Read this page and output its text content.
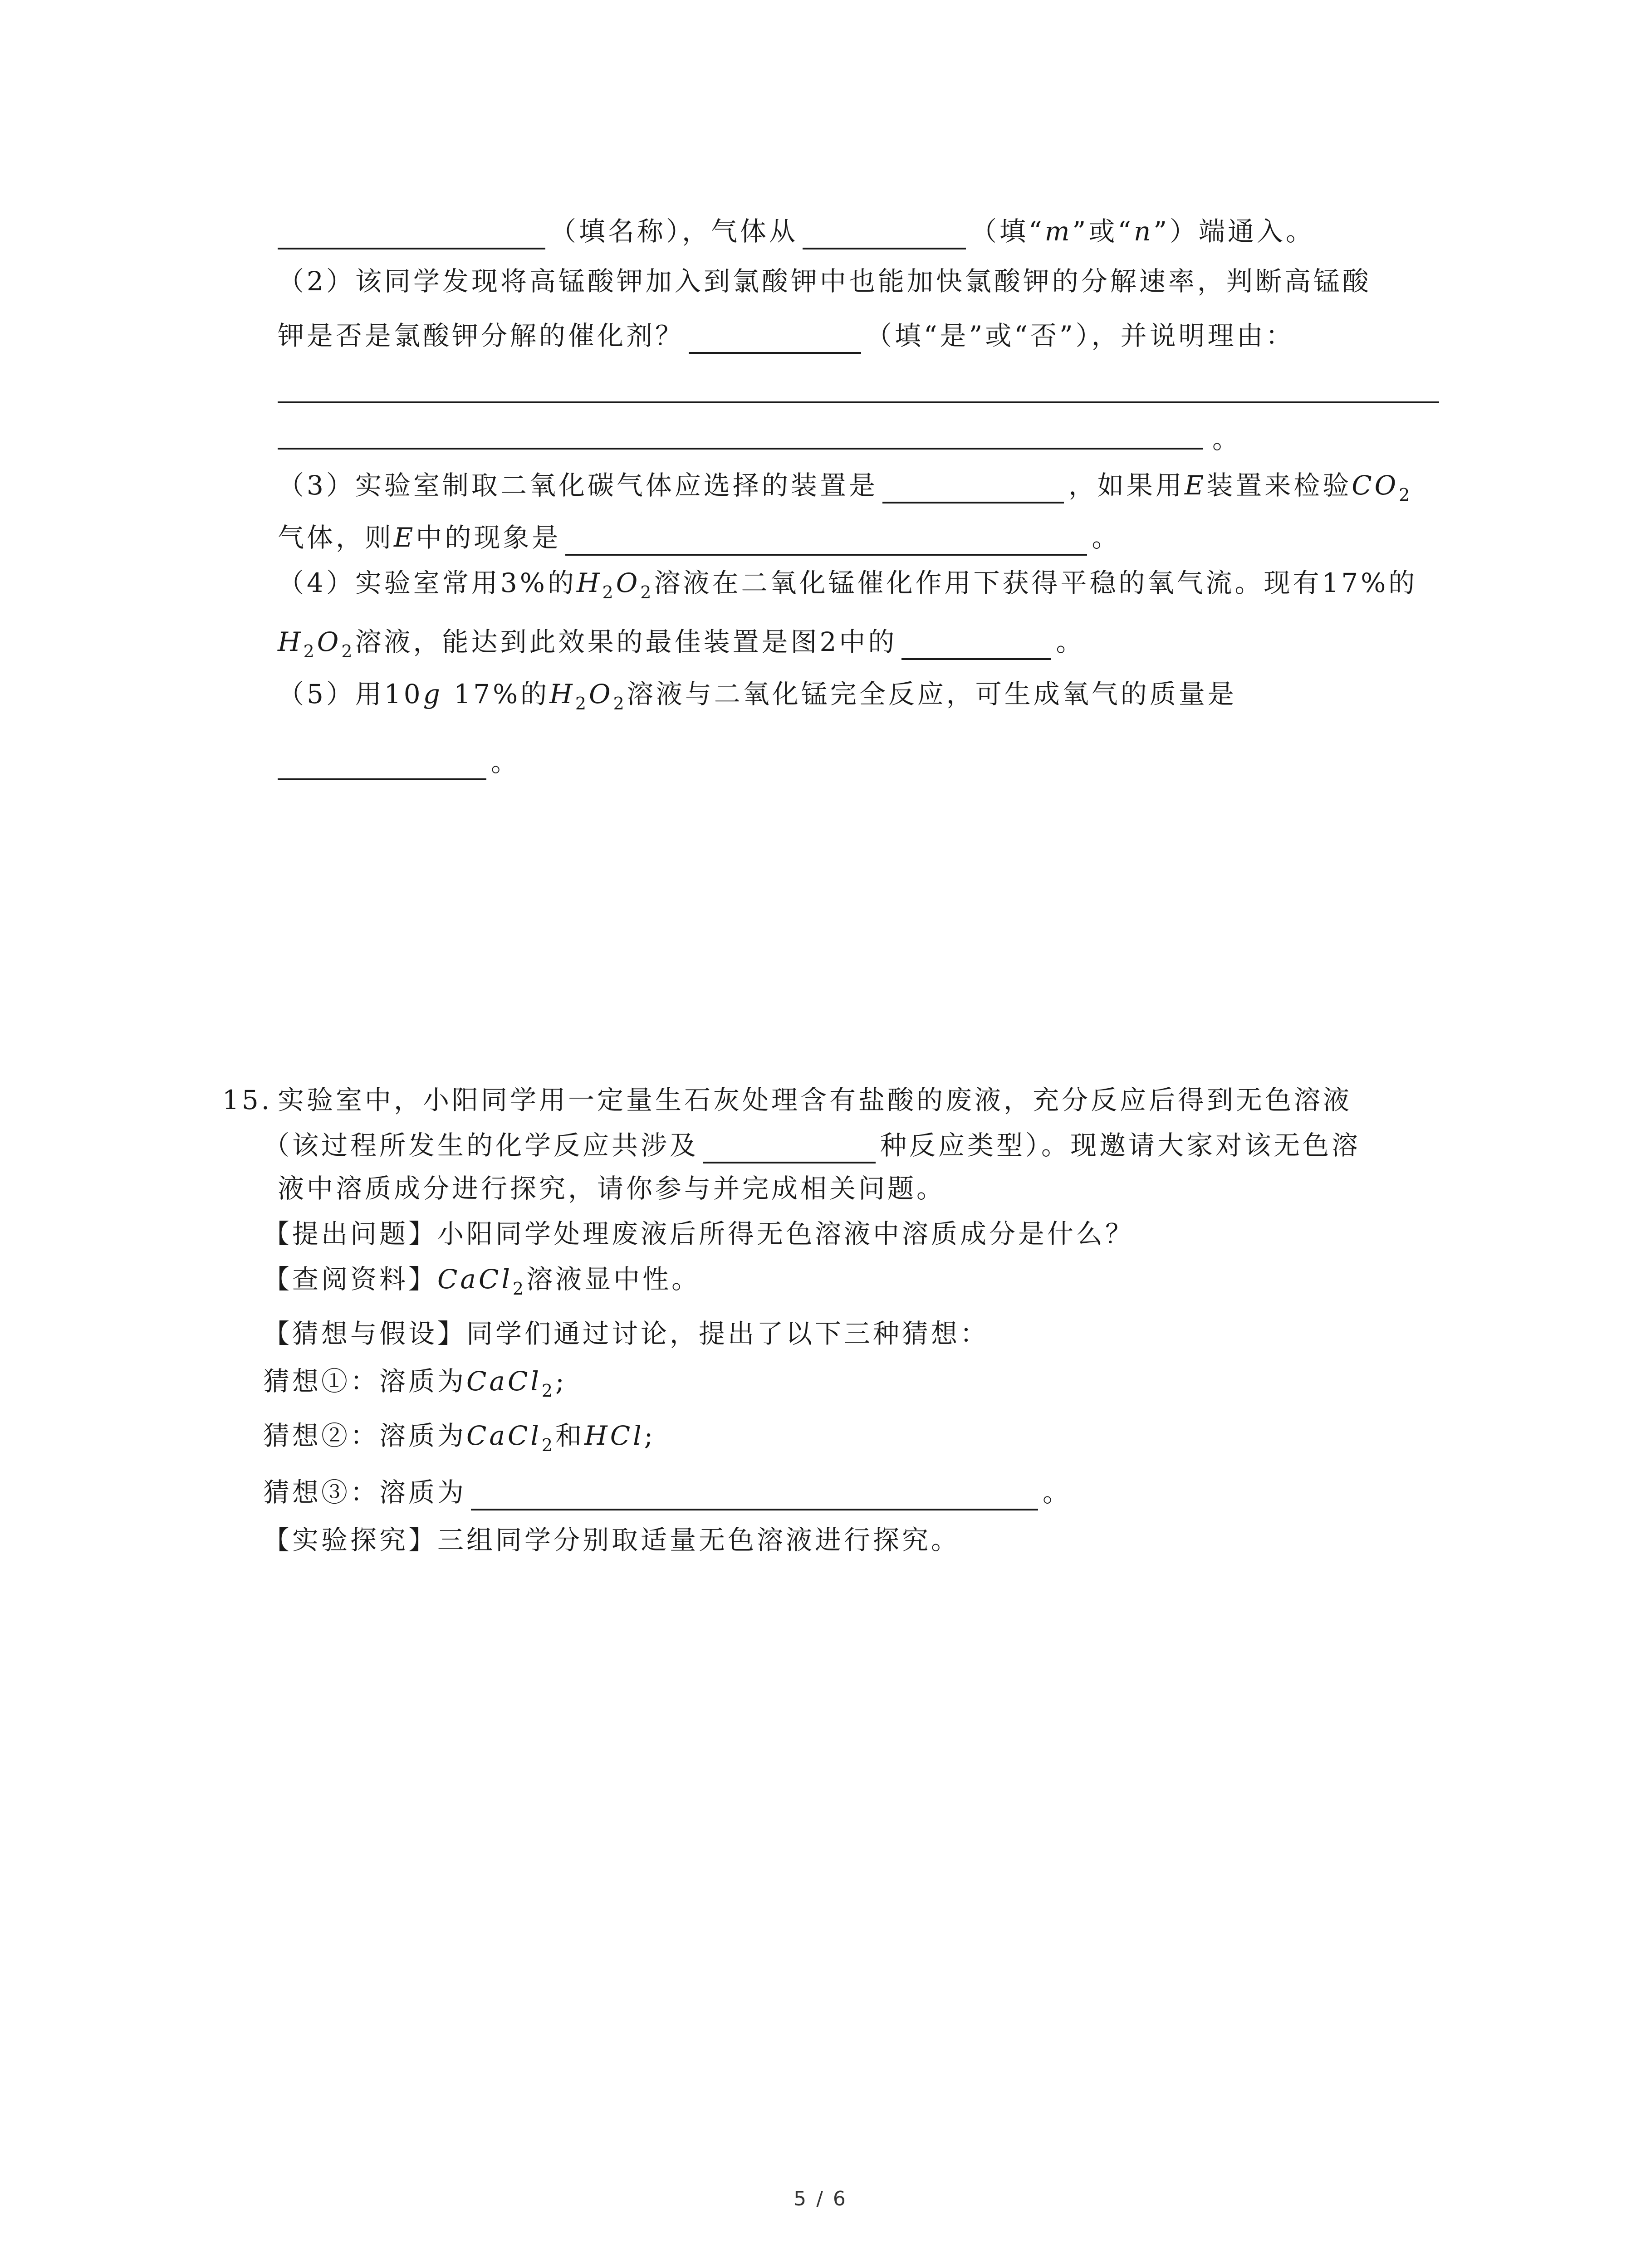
（填名称），气体从	（填“m”或“n”）端通入。
（2）该同学发现将高锰酸钾加入到氯酸钾中也能加快氯酸钾的分解速率，判断高锰酸
钾是否是氯酸钾分解的催化剂？	（填“是”或“否”），并说明理由：
。
（3）实验室制取二氧化碳气体应选择的装置是	，如果用E装置来检验$CO_2$
气体，则E中的现象是	。
（4）实验室常用3%的$H_2O_2$溶液在二氧化锰催化作用下获得平稳的氧气流。现有17%的
$H_2O_2$溶液，能达到此效果的最佳装置是图2中的	。
（5）用10g 17%的$H_2O_2$溶液与二氧化锰完全反应，可生成氧气的质量是
。
15. 实验室中，小阳同学用一定量生石灰处理含有盐酸的废液，充分反应后得到无色溶液
（该过程所发生的化学反应共涉及	种反应类型）。现邀请大家对该无色溶
液中溶质成分进行探究，请你参与并完成相关问题。
【提出问题】小阳同学处理废液后所得无色溶液中溶质成分是什么？
【查阅资料】CaCl$_2$溶液显中性。
【猜想与假设】同学们通过讨论，提出了以下三种猜想：
猜想①：溶质为CaCl$_2$;
猜想②：溶质为CaCl$_2$和HCl;
猜想③：溶质为	。
【实验探究】三组同学分别取适量无色溶液进行探究。
5 / 6
